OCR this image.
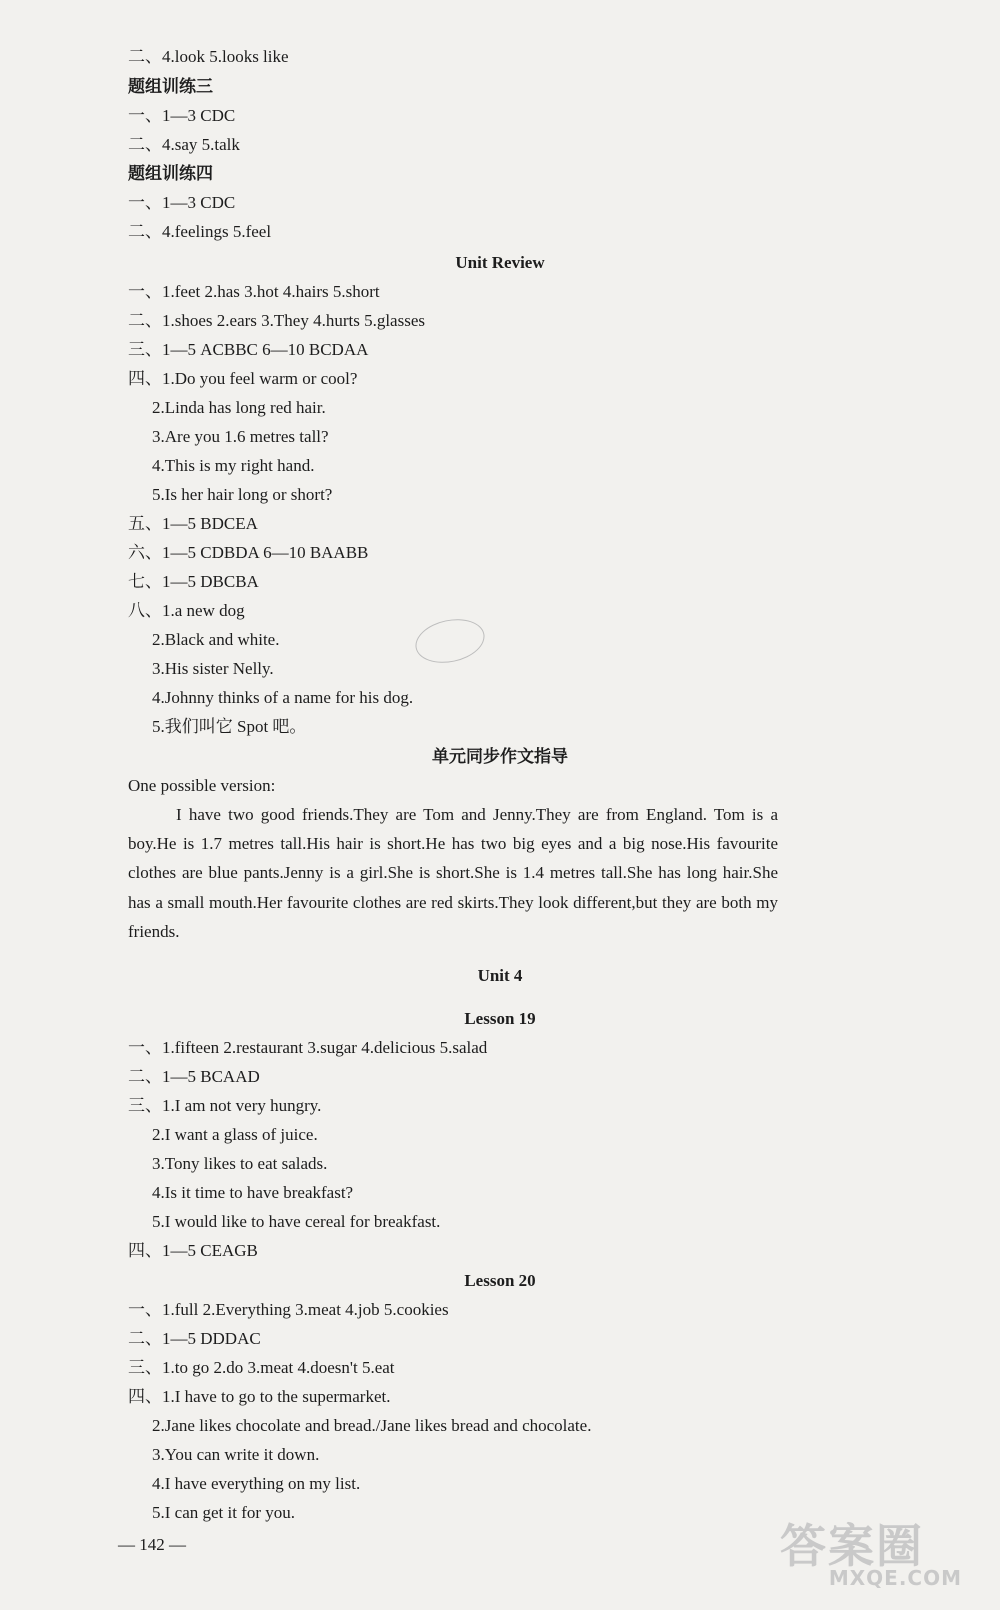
二、4.look 5.looks like
题组训练三
一、1—3 CDC
二、4.say 5.talk
题组训练四
一、1—3 CDC
二、4.feelings 5.feel
Unit Review
一、1.feet 2.has 3.hot 4.hairs 5.short
二、1.shoes 2.ears 3.They 4.hurts 5.glasses
三、1—5 ACBBC 6—10 BCDAA
四、1.Do you feel warm or cool?
2.Linda has long red hair.
3.Are you 1.6 metres tall?
4.This is my right hand.
5.Is her hair long or short?
五、1—5 BDCEA
六、1—5 CDBDA 6—10 BAABB
七、1—5 DBCBA
八、1.a new dog
2.Black and white.
3.His sister Nelly.
4.Johnny thinks of a name for his dog.
5.我们叫它 Spot 吧。
单元同步作文指导
One possible version:
I have two good friends.They are Tom and Jenny.They are from England. Tom is a boy.He is 1.7 metres tall.His hair is short.He has two big eyes and a big nose.His favourite clothes are blue pants.Jenny is a girl.She is short.She is 1.4 metres tall.She has long hair.She has a small mouth.Her favourite clothes are red skirts.They look different,but they are both my friends.
Unit 4
Lesson 19
一、1.fifteen 2.restaurant 3.sugar 4.delicious 5.salad
二、1—5 BCAAD
三、1.I am not very hungry.
2.I want a glass of juice.
3.Tony likes to eat salads.
4.Is it time to have breakfast?
5.I would like to have cereal for breakfast.
四、1—5 CEAGB
Lesson 20
一、1.full 2.Everything 3.meat 4.job 5.cookies
二、1—5 DDDAC
三、1.to go 2.do 3.meat 4.doesn't 5.eat
四、1.I have to go to the supermarket.
2.Jane likes chocolate and bread./Jane likes bread and chocolate.
3.You can write it down.
4.I have everything on my list.
5.I can get it for you.
— 142 —	答案圈
MXQE.COM
